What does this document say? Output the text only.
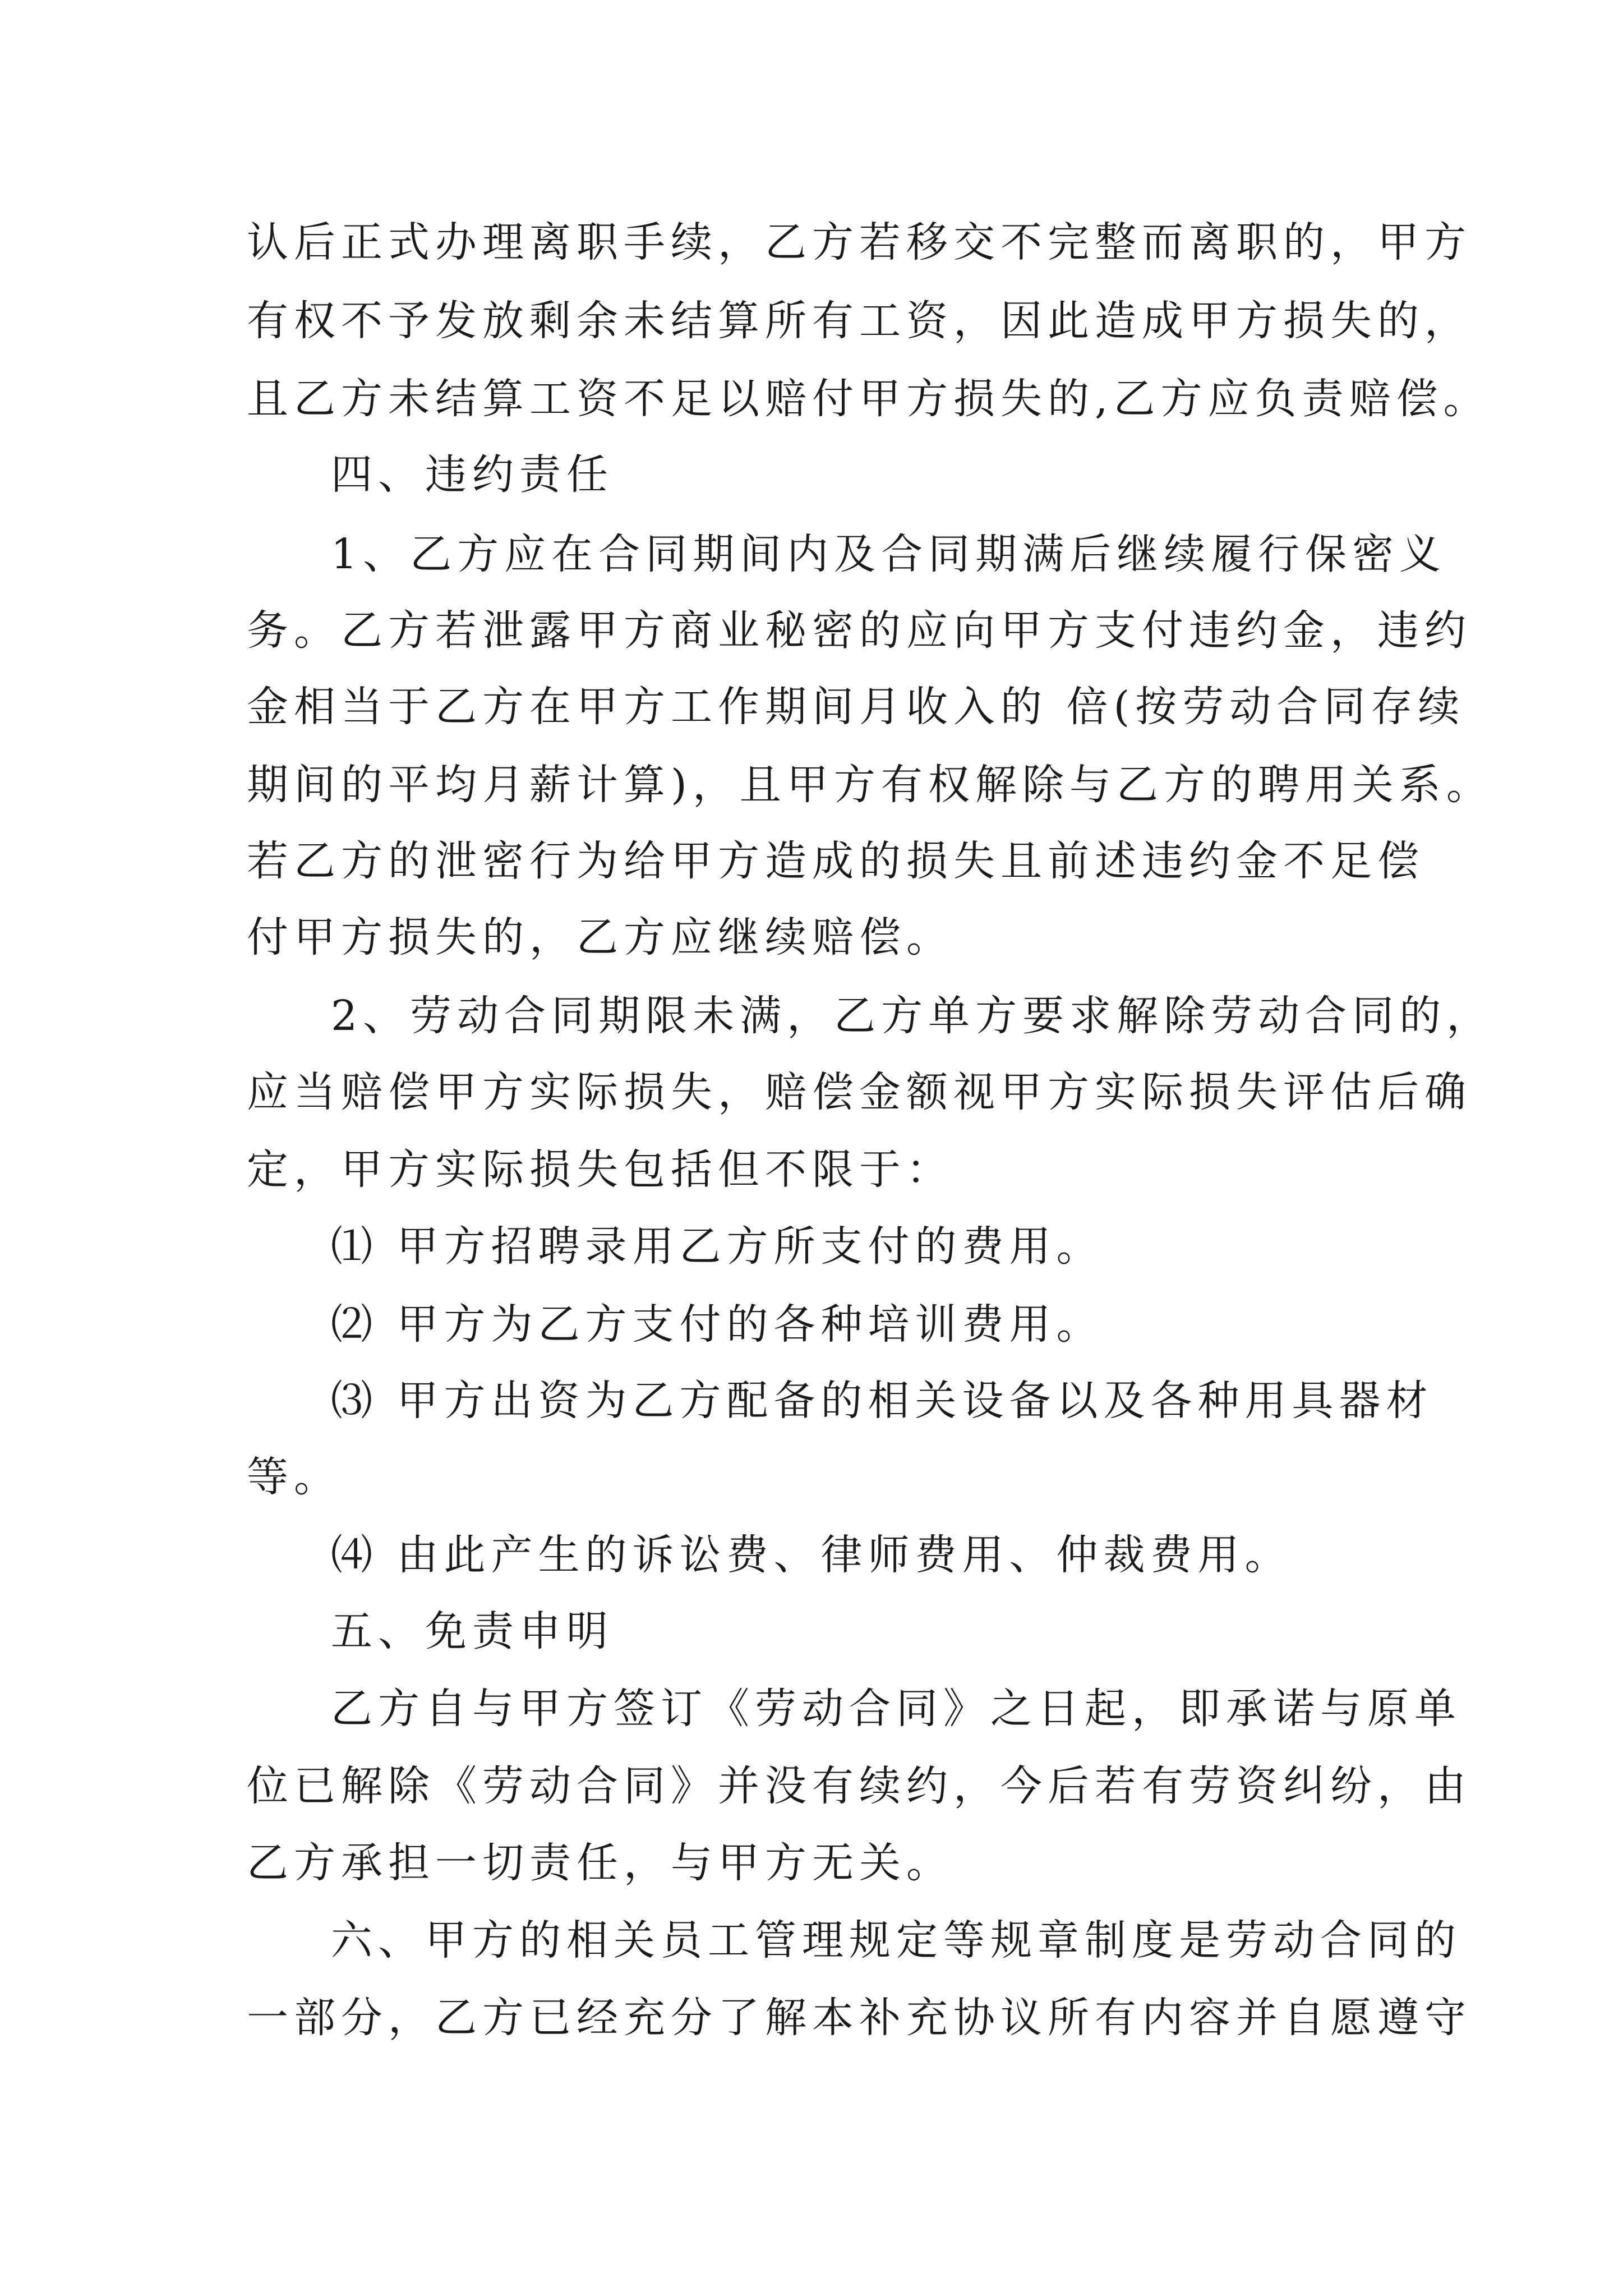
认后正式办理离职手续，乙方若移交不完整而离职的，甲方
有权不予发放剩余未结算所有工资，因此造成甲方损失的，
且乙方未结算工资不足以赔付甲方损失的,乙方应负责赔偿。
四、违约责任
1、乙方应在合同期间内及合同期满后继续履行保密义
务。乙方若泄露甲方商业秘密的应向甲方支付违约金，违约
金相当于乙方在甲方工作期间月收入的 倍(按劳动合同存续
期间的平均月薪计算)，且甲方有权解除与乙方的聘用关系。
若乙方的泄密行为给甲方造成的损失且前述违约金不足偿
付甲方损失的，乙方应继续赔偿。
2、劳动合同期限未满，乙方单方要求解除劳动合同的，
应当赔偿甲方实际损失，赔偿金额视甲方实际损失评估后确
定，甲方实际损失包括但不限于：
⑴ 甲方招聘录用乙方所支付的费用。
⑵ 甲方为乙方支付的各种培训费用。
⑶ 甲方出资为乙方配备的相关设备以及各种用具器材
等。
⑷ 由此产生的诉讼费、律师费用、仲裁费用。
五、免责申明
乙方自与甲方签订《劳动合同》之日起，即承诺与原单
位已解除《劳动合同》并没有续约，今后若有劳资纠纷，由
乙方承担一切责任，与甲方无关。
六、甲方的相关员工管理规定等规章制度是劳动合同的
一部分，乙方已经充分了解本补充协议所有内容并自愿遵守
